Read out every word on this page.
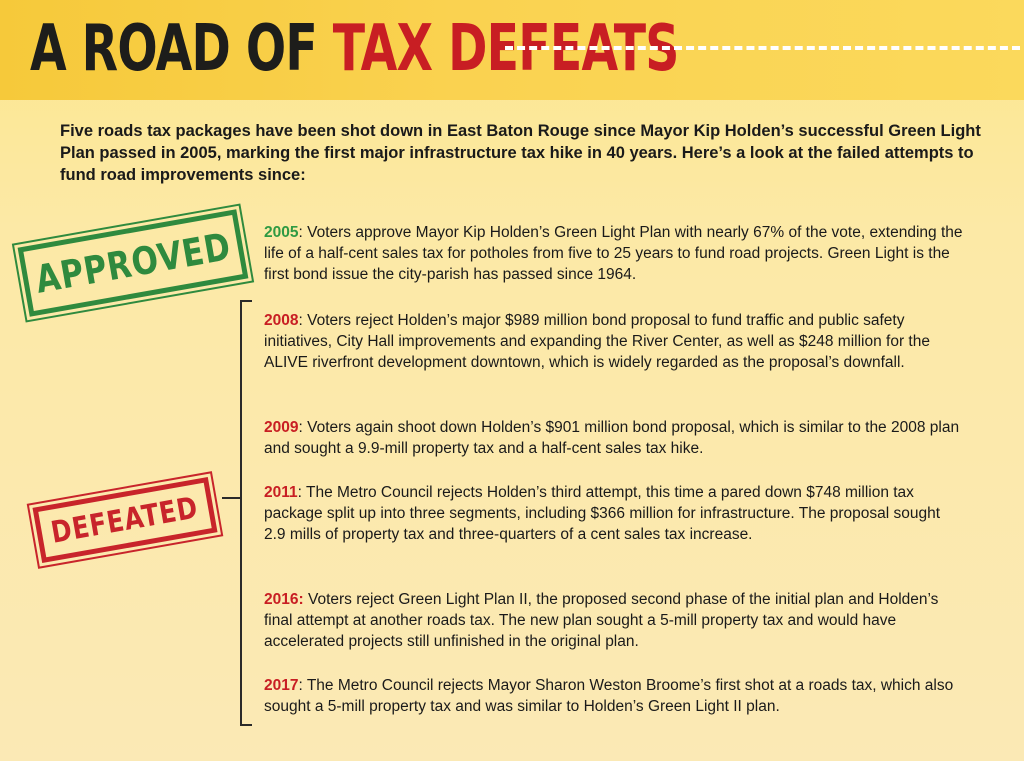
A ROAD OF TAX DEFEATS

Five roads tax packages have been shot down in East Baton Rouge since Mayor Kip Holden’s successful Green Light Plan passed in 2005, marking the first major infrastructure tax hike in 40 years. Here’s a look at the failed attempts to fund road improvements since:

APPROVED
DEFEATED

2005: Voters approve Mayor Kip Holden’s Green Light Plan with nearly 67% of the vote, extending the life of a half-cent sales tax for potholes from five to 25 years to fund road projects. Green Light is the first bond issue the city-parish has passed since 1964.

2008: Voters reject Holden’s major $989 million bond proposal to fund traffic and public safety initiatives, City Hall improvements and expanding the River Center, as well as $248 million for the ALIVE riverfront development downtown, which is widely regarded as the proposal’s downfall.

2009: Voters again shoot down Holden’s $901 million bond proposal, which is similar to the 2008 plan and sought a 9.9-mill property tax and a half-cent sales tax hike.

2011: The Metro Council rejects Holden’s third attempt, this time a pared down $748 million tax package split up into three segments, including $366 million for infrastructure. The proposal sought 2.9 mills of property tax and three-quarters of a cent sales tax increase.

2016: Voters reject Green Light Plan II, the proposed second phase of the initial plan and Holden’s final attempt at another roads tax. The new plan sought a 5-mill property tax and would have accelerated projects still unfinished in the original plan.

2017: The Metro Council rejects Mayor Sharon Weston Broome’s first shot at a roads tax, which also sought a 5-mill property tax and was similar to Holden’s Green Light II plan.
